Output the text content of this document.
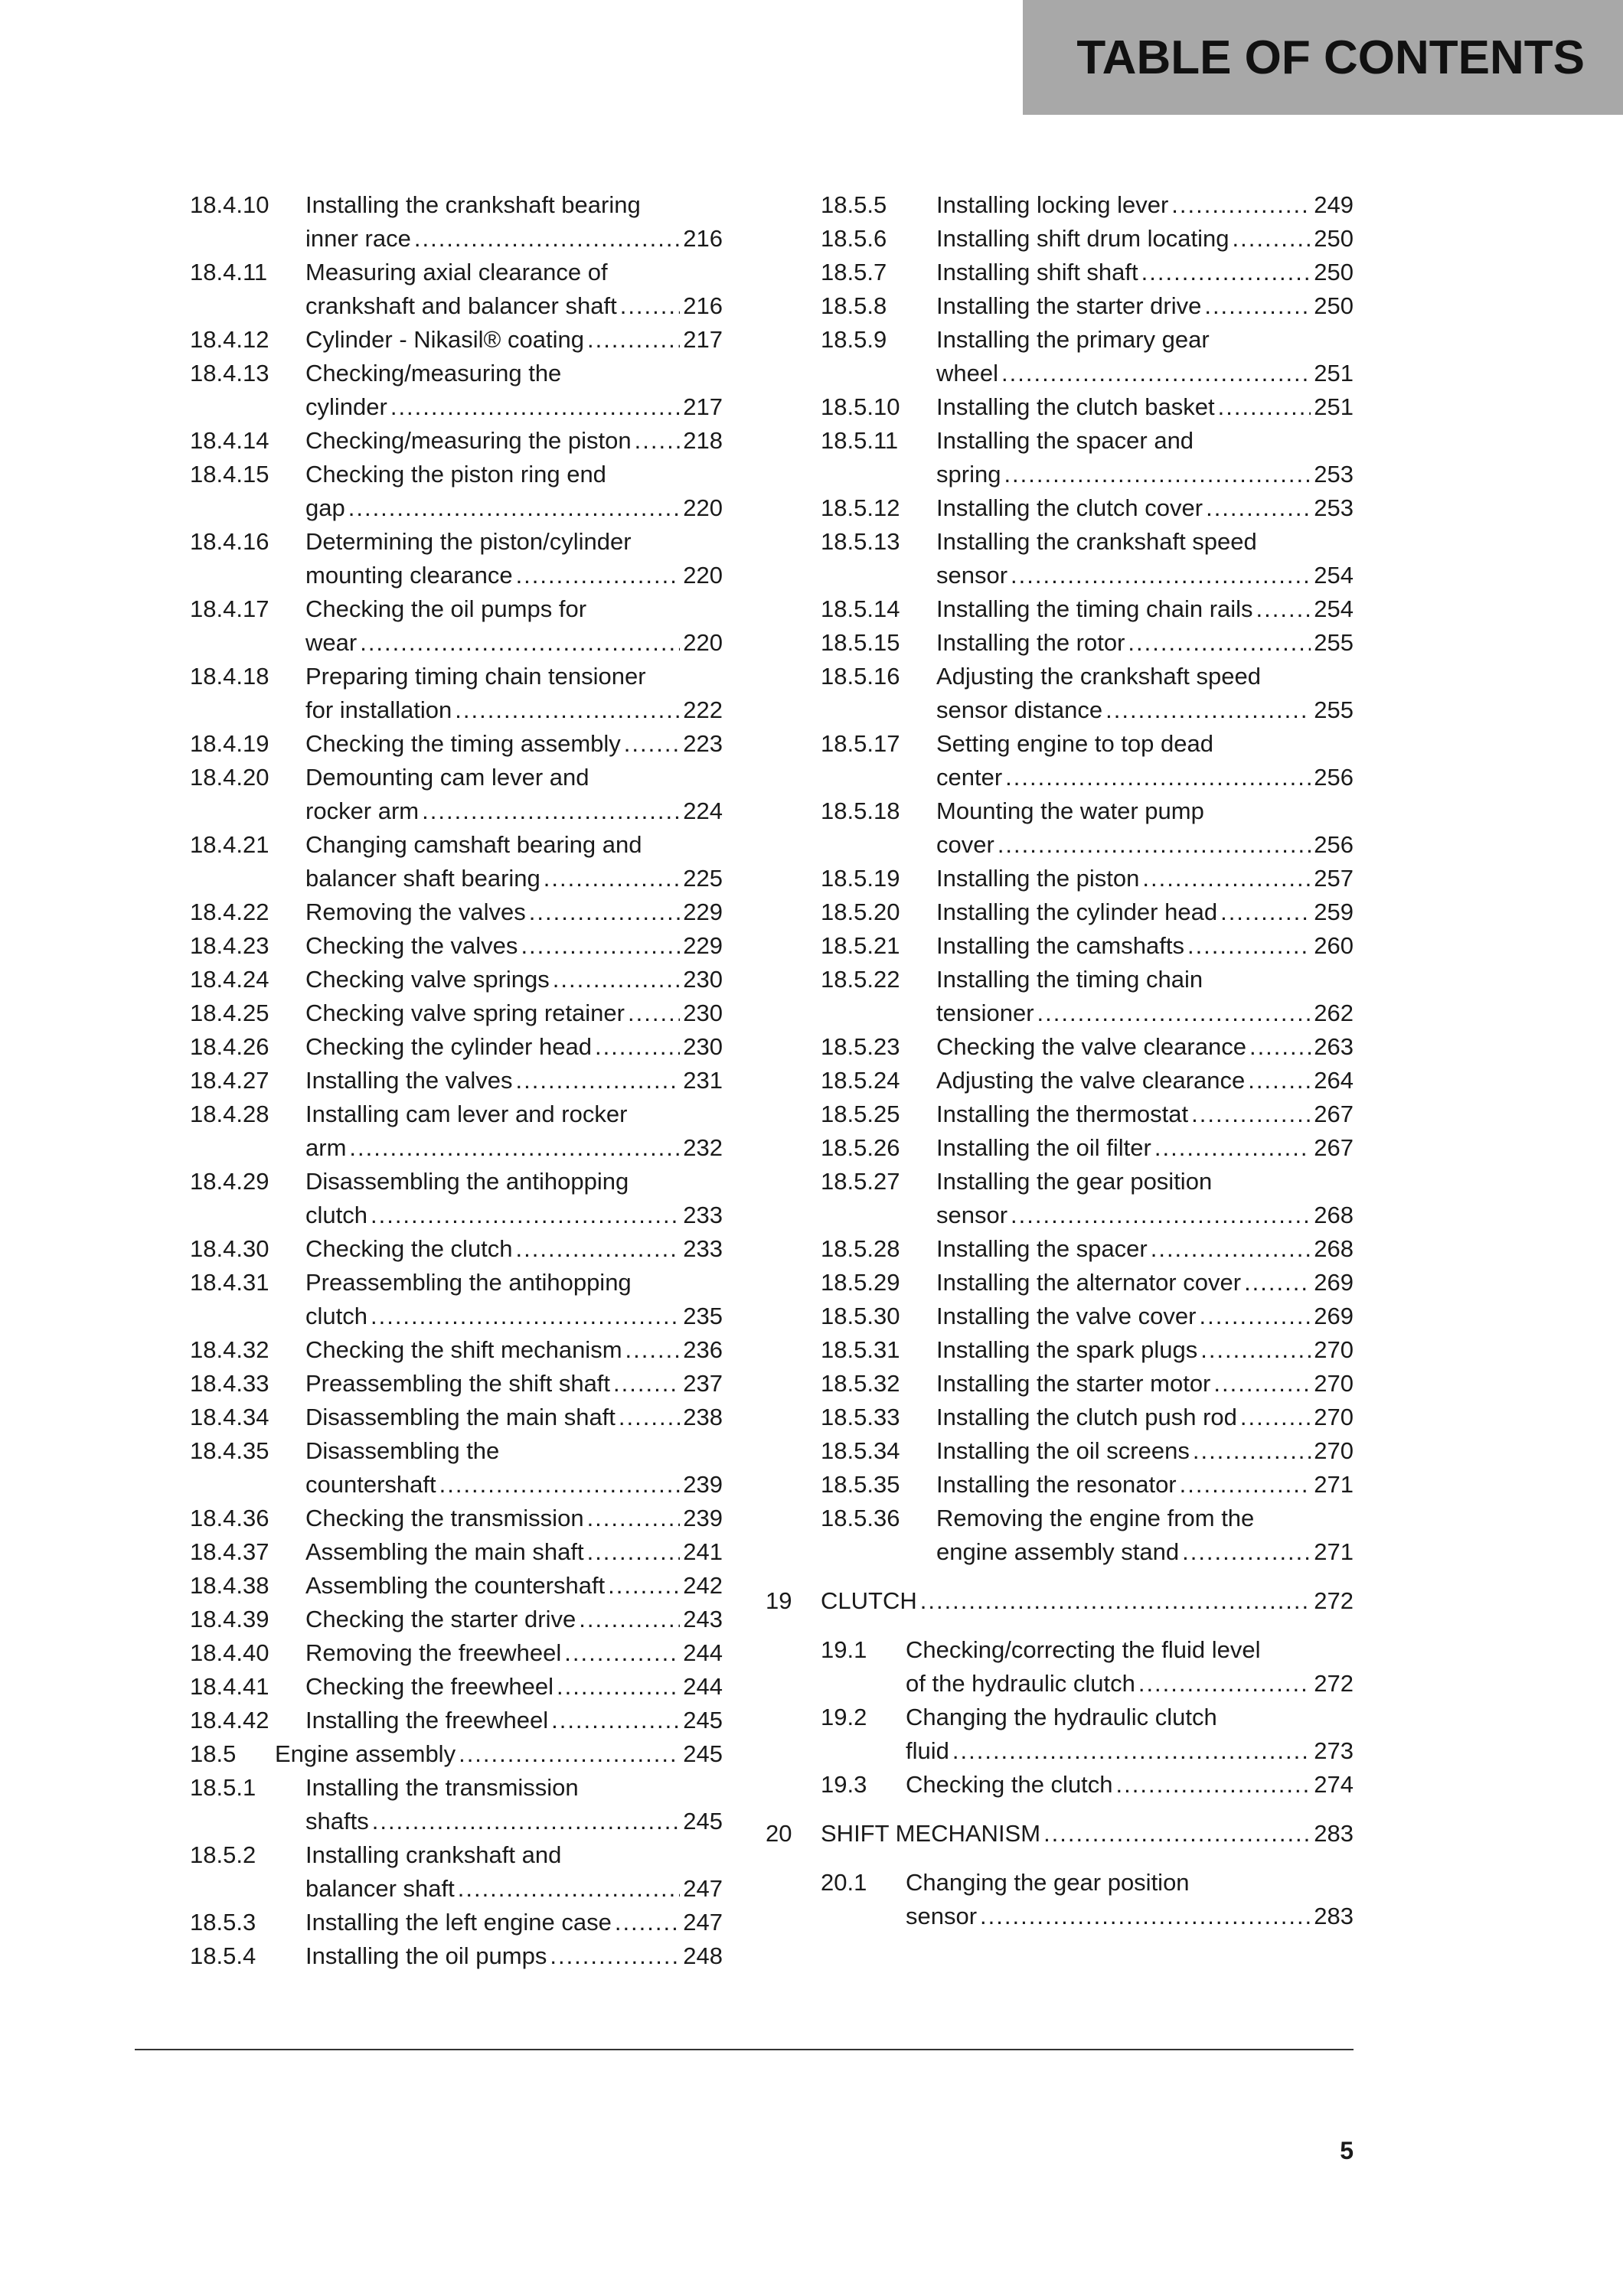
TABLE OF CONTENTS
18.4.10	Installing the crankshaft bearing
inner race .....	216
18.4.11	Measuring axial clearance of
crankshaft and balancer shaft .....	216
18.4.12	Cylinder - Nikasil® coating .....	217
18.4.13	Checking/measuring the
cylinder .....	217
18.4.14	Checking/measuring the piston ..... 218
18.4.15	Checking the piston ring end
gap .....	220
18.4.16	Determining the piston/cylinder
mounting clearance .....	220
18.4.17	Checking the oil pumps for
wear .....	220
18.4.18	Preparing timing chain tensioner
for installation .....	222
18.4.19	Checking the timing assembly .....	223
18.4.20	Demounting cam lever and
rocker arm .....	224
18.4.21	Changing camshaft bearing and
balancer shaft bearing .....	225
18.4.22	Removing the valves .....	229
18.4.23	Checking the valves .....	229
18.4.24	Checking valve springs .....	230
18.4.25	Checking valve spring retainer ..... 230
18.4.26	Checking the cylinder head .....	230
18.4.27	Installing the valves .....	231
18.4.28	Installing cam lever and rocker
arm .....	232
18.4.29	Disassembling the antihopping
clutch .....	233
18.4.30	Checking the clutch .....	233
18.4.31	Preassembling the antihopping
clutch .....	235
18.4.32	Checking the shift mechanism .....	236
18.4.33	Preassembling the shift shaft .....	237
18.4.34	Disassembling the main shaft .....	238
18.4.35	Disassembling the
countershaft .....	239
18.4.36	Checking the transmission .....	239
18.4.37	Assembling the main shaft .....	241
18.4.38	Assembling the countershaft .....	242
18.4.39	Checking the starter drive .....	243
18.4.40	Removing the freewheel .....	244
18.4.41	Checking the freewheel .....	244
18.4.42	Installing the freewheel .....	245
18.5	Engine assembly .....	245
18.5.1	Installing the transmission
shafts .....	245
18.5.2	Installing crankshaft and
balancer shaft .....	247
18.5.3	Installing the left engine case .....	247
18.5.4	Installing the oil pumps .....	248
18.5.5	Installing locking lever .....	249
18.5.6	Installing shift drum locating .....	250
18.5.7	Installing shift shaft .....	250
18.5.8	Installing the starter drive .....	250
18.5.9	Installing the primary gear
wheel .....	251
18.5.10	Installing the clutch basket .....	251
18.5.11	Installing the spacer and
spring .....	253
18.5.12	Installing the clutch cover .....	253
18.5.13	Installing the crankshaft speed
sensor .....	254
18.5.14	Installing the timing chain rails .....	254
18.5.15	Installing the rotor .....	255
18.5.16	Adjusting the crankshaft speed
sensor distance .....	255
18.5.17	Setting engine to top dead
center .....	256
18.5.18	Mounting the water pump
cover .....	256
18.5.19	Installing the piston .....	257
18.5.20	Installing the cylinder head .....	259
18.5.21	Installing the camshafts .....	260
18.5.22	Installing the timing chain
tensioner .....	262
18.5.23	Checking the valve clearance .....	263
18.5.24	Adjusting the valve clearance .....	264
18.5.25	Installing the thermostat .....	267
18.5.26	Installing the oil filter .....	267
18.5.27	Installing the gear position
sensor .....	268
18.5.28	Installing the spacer .....	268
18.5.29	Installing the alternator cover .....	269
18.5.30	Installing the valve cover .....	269
18.5.31	Installing the spark plugs .....	270
18.5.32	Installing the starter motor .....	270
18.5.33	Installing the clutch push rod .....	270
18.5.34	Installing the oil screens .....	270
18.5.35	Installing the resonator .....	271
18.5.36	Removing the engine from the
engine assembly stand .....	271
19	CLUTCH .....	272
19.1	Checking/correcting the fluid level
of the hydraulic clutch .....	272
19.2	Changing the hydraulic clutch
fluid .....	273
19.3	Checking the clutch .....	274
20	SHIFT MECHANISM .....	283
20.1	Changing the gear position
sensor .....	283
5
